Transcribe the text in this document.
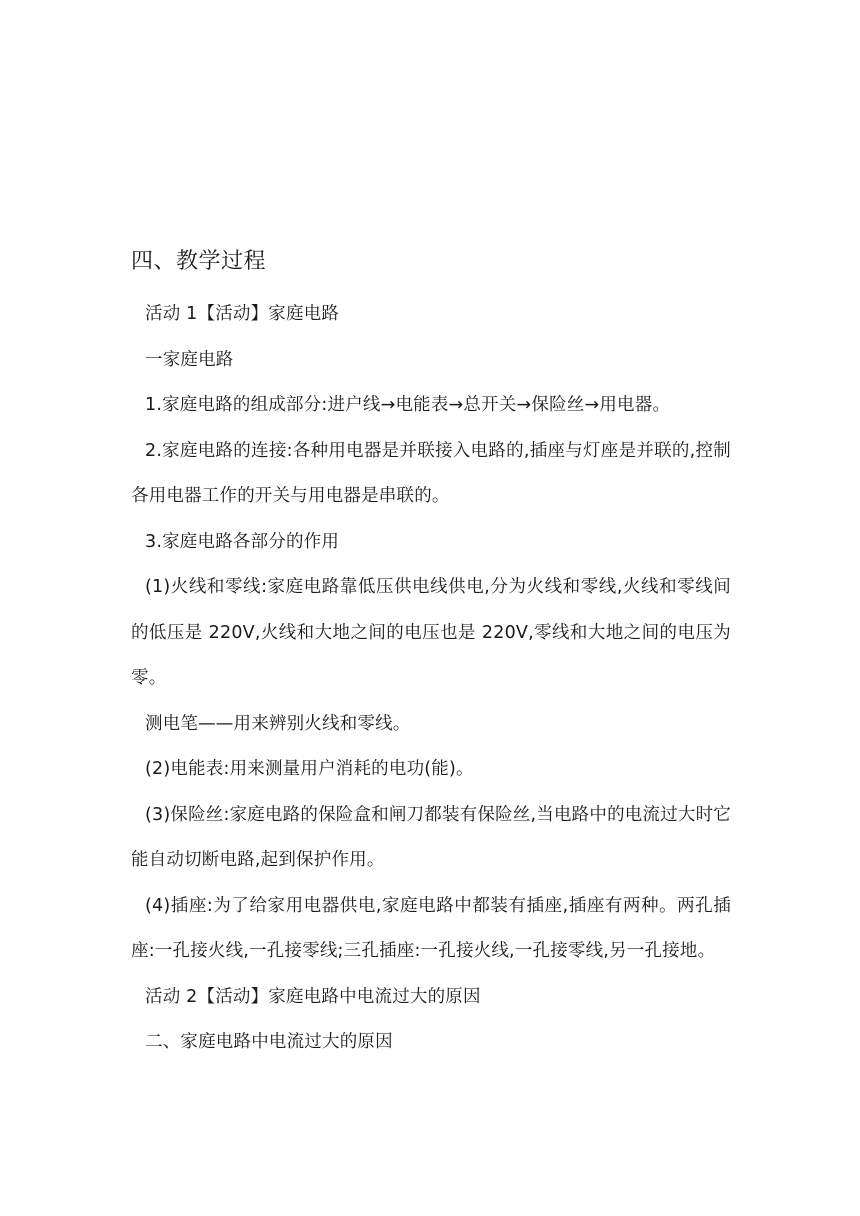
四、教学过程

活动 1【活动】家庭电路

一家庭电路

1.家庭电路的组成部分:进户线→电能表→总开关→保险丝→用电器。

2.家庭电路的连接:各种用电器是并联接入电路的,插座与灯座是并联的,控制各用电器工作的开关与用电器是串联的。

3.家庭电路各部分的作用

(1)火线和零线:家庭电路靠低压供电线供电,分为火线和零线,火线和零线间的低压是 220V,火线和大地之间的电压也是 220V,零线和大地之间的电压为零。

测电笔——用来辨别火线和零线。

(2)电能表:用来测量用户消耗的电功(能)。

(3)保险丝:家庭电路的保险盒和闸刀都装有保险丝,当电路中的电流过大时它能自动切断电路,起到保护作用。

(4)插座:为了给家用电器供电,家庭电路中都装有插座,插座有两种。两孔插座:一孔接火线,一孔接零线;三孔插座:一孔接火线,一孔接零线,另一孔接地。

活动 2【活动】家庭电路中电流过大的原因

二、家庭电路中电流过大的原因
